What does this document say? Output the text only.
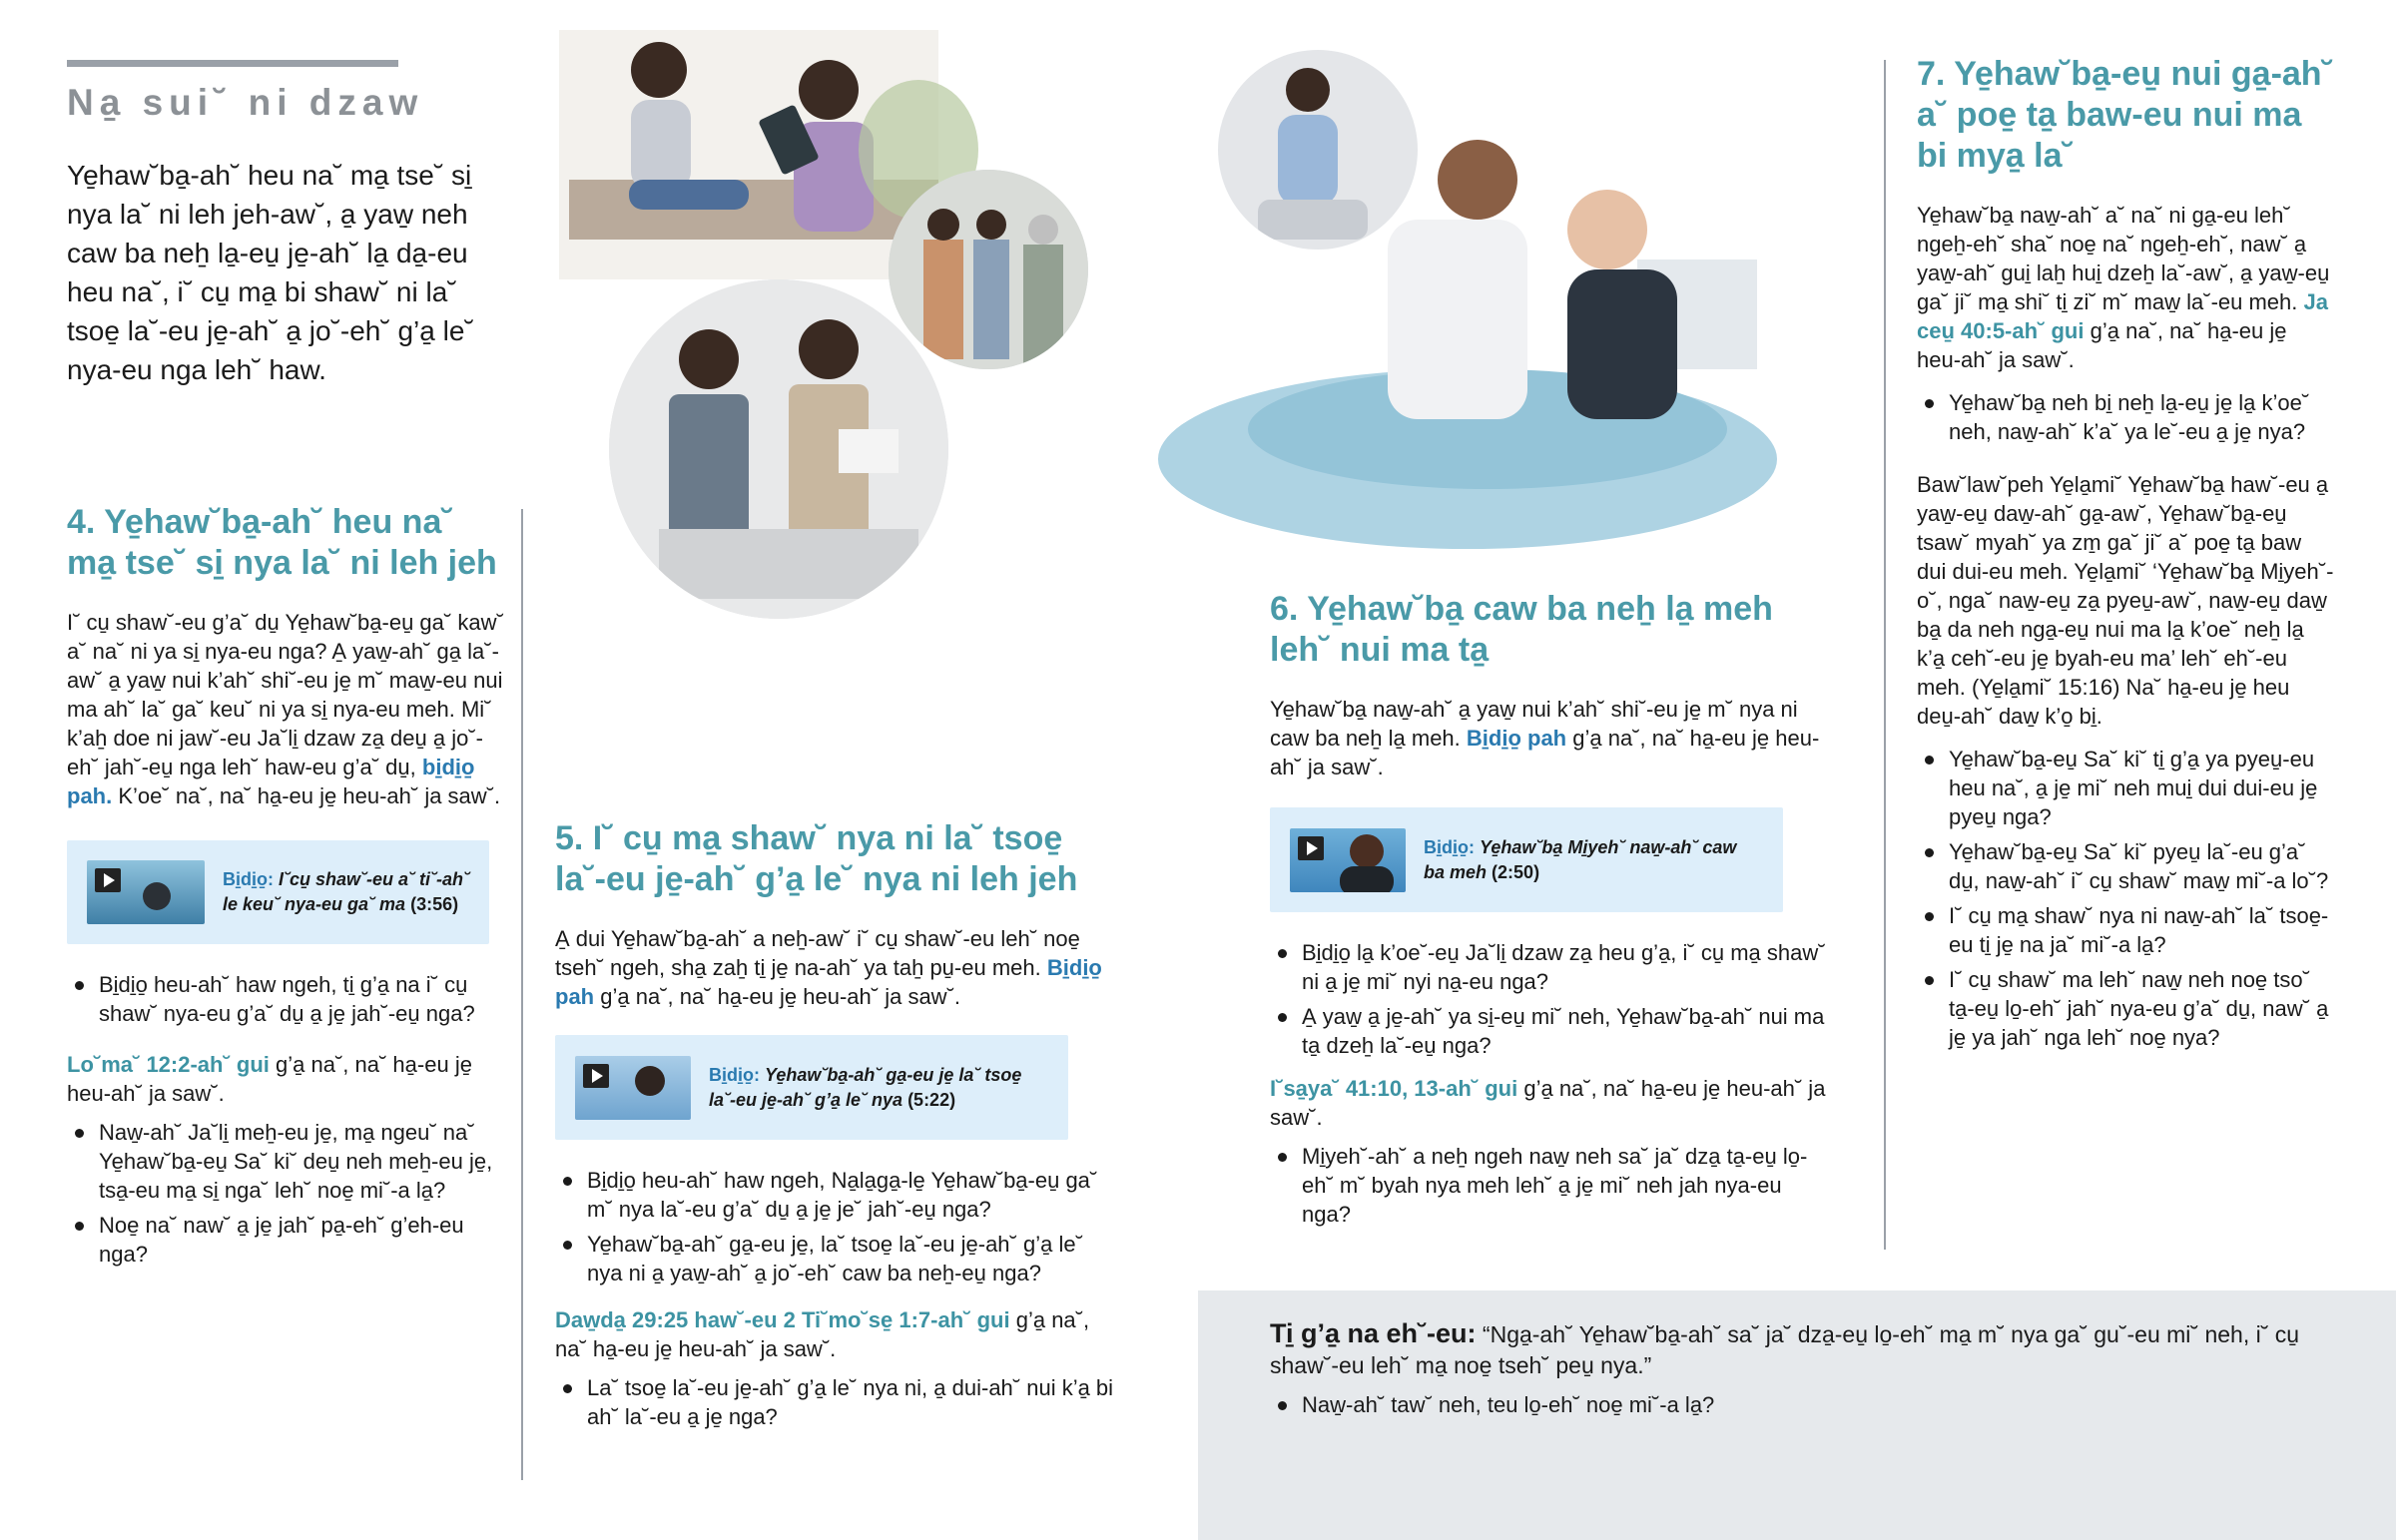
Na̱ sui˘ ni dzaw
Ye̱haw˘ba̱-ah˘ heu na˘ ma̱ tse˘ si̱ nya la˘ ni leh jeh-aw˘, a̱ yaw̱ neh caw ba neẖ la̱-eu̱ je̱-ah˘ la̱ da̱-eu heu na˘, i˘ cu̱ ma̱ bi shaw˘ ni la˘ tsoe̱ la˘-eu je̱-ah˘ a̱ jo˘-eh˘ g’a̱ le˘ nya-eu nga leh˘ haw.
4. Ye̱haw˘ba̱-ah˘ heu na˘ ma̱ tse˘ si̱ nya la˘ ni leh jeh
I˘ cu̱ shaw˘-eu g’a˘ du̱ Ye̱haw˘ba̱-eu̱ ga˘ kaw˘ a˘ na˘ ni ya si̱ nya-eu nga? A̱ yaw̱-ah˘ ga̱ la˘-aw˘ a̱ yaw̱ nui k’ah˘ shi˘-eu je̱ m˘ maw̱-eu nui ma ah˘ la˘ ga˘ keu˘ ni ya si̱ nya-eu meh. Mi˘ k’aẖ doe ni jaw˘-eu Ja˘li̱ dzaw za̱ deu̱ a̱ jo˘-eh˘ jah˘-eu̱ nga leh˘ haw-eu g’a˘ du̱, bi̱di̱o̱ pah. K’oe˘ na˘, na˘ ha̱-eu je̱ heu-ah˘ ja saw˘.
Bi̱di̱o̱: I˘cu̱ shaw˘-eu a˘ ti˘-ah˘ le keu˘ nya-eu ga˘ ma (3:56)
Bi̱di̱o̱ heu-ah˘ haw ngeh, ti̱ g’a̱ na i˘ cu̱ shaw˘ nya-eu g’a˘ du̱ a̱ je̱ jah˘-eu̱ nga?
Lo˘ma˘ 12:2-ah˘ gui g’a̱ na˘, na˘ ha̱-eu je̱ heu-ah˘ ja saw˘.
Naw̱-ah˘ Ja˘li̱ meẖ-eu je̱, ma̱ ngeu˘ na˘ Ye̱haw˘ba̱-eu̱ Sa˘ ki˘ deu̱ neh meẖ-eu je̱, tsa̱-eu ma̱ si̱ nga˘ leh˘ noe̱ mi˘-a la̱?
Noe̱ na˘ naw˘ a̱ je̱ jah˘ pa̱-eh˘ g’eh-eu nga?
5. I˘ cu̱ ma̱ shaw˘ nya ni la˘ tsoe̱ la˘-eu je̱-ah˘ g’a̱ le˘ nya ni leh jeh
A̱ dui Ye̱haw˘ba̱-ah˘ a neẖ-aw˘ i˘ cu̱ shaw˘-eu leh˘ noe̱ tseh˘ ngeh, sha̱ zaẖ ti̱ je̱ na-ah˘ ya taẖ pu̱-eu meh. Bi̱di̱o̱ pah g’a̱ na˘, na˘ ha̱-eu je̱ heu-ah˘ ja saw˘.
Bi̱di̱o̱: Ye̱haw˘ba̱-ah˘ ga̱-eu je̱ la˘ tsoe̱ la˘-eu je̱-ah˘ g’a̱ le˘ nya (5:22)
Bi̱di̱o̱ heu-ah˘ haw ngeh, Na̱la̱ga̱-le̱ Ye̱haw˘ba̱-eu̱ ga˘ m˘ nya la˘-eu g’a˘ du̱ a̱ je̱ je˘ jah˘-eu̱ nga?
Ye̱haw˘ba̱-ah˘ ga̱-eu je̱, la˘ tsoe̱ la˘-eu je̱-ah˘ g’a̱ le˘ nya ni a̱ yaw̱-ah˘ a̱ jo˘-eh˘ caw ba neẖ-eu̱ nga?
Daw̱da̱ 29:25 haw˘-eu 2 Ti˘mo˘se̱ 1:7-ah˘ gui g’a̱ na˘, na˘ ha̱-eu je̱ heu-ah˘ ja saw˘.
La˘ tsoe̱ la˘-eu je̱-ah˘ g’a̱ le˘ nya ni, a̱ dui-ah˘ nui k’a̱ bi ah˘ la˘-eu a̱ je̱ nga?
6. Ye̱haw˘ba̱ caw ba neẖ la̱ meh leh˘ nui ma ta̱
Ye̱haw˘ba̱ naw̱-ah˘ a̱ yaw̱ nui k’ah˘ shi˘-eu je̱ m˘ nya ni caw ba neẖ la̱ meh. Bi̱di̱o̱ pah g’a̱ na˘, na˘ ha̱-eu je̱ heu-ah˘ ja saw˘.
Bi̱di̱o̱: Ye̱haw˘ba̱ Mi̱yeh˘ naw̱-ah˘ caw ba meh (2:50)
Bi̱di̱o̱ la̱ k’oe˘-eu̱ Ja˘li̱ dzaw za̱ heu g’a̱, i˘ cu̱ ma̱ shaw˘ ni a̱ je̱ mi˘ nyi na̱-eu nga?
A̱ yaw̱ a̱ je̱-ah˘ ya si̱-eu̱ mi˘ neh, Ye̱haw˘ba̱-ah˘ nui ma ta̱ dzeẖ la˘-eu̱ nga?
I˘sa̱ya˘ 41:10, 13-ah˘ gui g’a̱ na˘, na˘ ha̱-eu je̱ heu-ah˘ ja saw˘.
Mi̱yeh˘-ah˘ a neẖ ngeh naw̱ neh sa˘ ja˘ dza̱ ta̱-eu̱ lo̱-eh˘ m˘ byah nya meh leh˘ a̱ je̱ mi˘ neh jah nya-eu nga?
7. Ye̱haw˘ba̱-eu̱ nui ga̱-ah˘ a˘ poe̱ ta̱ baw-eu nui ma bi mya̱ la˘
Ye̱haw˘ba̱ naw̱-ah˘ a˘ na˘ ni ga̱-eu leh˘ ngeẖ-eh˘ sha˘ noe̱ na˘ ngeẖ-eh˘, naw˘ a̱ yaw̱-ah˘ gui̱ laẖ hui̱ dzeẖ la˘-aw˘, a̱ yaw̱-eu̱ ga˘ ji˘ ma̱ shi˘ ti̱ zi˘ m˘ maw̱ la˘-eu meh. Ja ceu̱ 40:5-ah˘ gui g’a̱ na˘, na˘ ha̱-eu je̱ heu-ah˘ ja saw˘.
Ye̱haw˘ba̱ neh bi̱ neẖ la̱-eu̱ je̱ la̱ k’oe˘ neh, naw̱-ah˘ k’a˘ ya le˘-eu a̱ je̱ nya?
Baw˘law˘peh Ye̱la̱mi˘ Ye̱haw˘ba̱ haw˘-eu a̱ yaw̱-eu̱ daw̱-ah˘ ga̱-aw˘, Ye̱haw˘ba̱-eu̱ tsaw˘ myah˘ ya zm̱ ga˘ ji˘ a˘ poe̱ ta̱ baw dui dui-eu meh. Ye̱la̱mi˘ ‘Ye̱haw˘ba̱ Mi̱yeh˘-o˘, nga˘ naw̱-eu̱ za̱ pyeu̱-aw˘, naw̱-eu̱ daw̱ ba̱ da neh nga̱-eu̱ nui ma la̱ k’oe˘ neẖ la̱ k’a̱ ceh˘-eu je̱ byah-eu ma’ leh˘ eh˘-eu meh. (Ye̱la̱mi˘ 15:16) Na˘ ha̱-eu je̱ heu deu̱-ah˘ daw̱ k’o̱ bi̱.
Ye̱haw˘ba̱-eu̱ Sa˘ ki˘ ti̱ g’a̱ ya pyeu̱-eu heu na˘, a̱ je̱ mi˘ neh mui̱ dui dui-eu je̱ pyeu̱ nga?
Ye̱haw˘ba̱-eu̱ Sa˘ ki˘ pyeu̱ la˘-eu g’a˘ du̱, naw̱-ah˘ i˘ cu̱ shaw˘ maw̱ mi˘-a lo˘?
I˘ cu̱ ma̱ shaw˘ nya ni naw̱-ah˘ la˘ tsoe̱-eu ti̱ je̱ na ja˘ mi˘-a la̱?
I˘ cu̱ shaw˘ ma leh˘ naw̱ neh noe̱ tso˘ ta̱-eu̱ lo̱-eh˘ jah˘ nya-eu g’a˘ du̱, naw˘ a̱ je̱ ya jah˘ nga leh˘ noe̱ nya?
Ti̱ g’a̱ na eh˘-eu: “Nga̱-ah˘ Ye̱haw˘ba̱-ah˘ sa˘ ja˘ dza̱-eu̱ lo̱-eh˘ ma̱ m˘ nya ga˘ gu˘-eu mi˘ neh, i˘ cu̱ shaw˘-eu leh˘ ma̱ noe̱ tseh˘ peu̱ nya.”
Naw̱-ah˘ taw˘ neh, teu lo̱-eh˘ noe̱ mi˘-a la̱?
